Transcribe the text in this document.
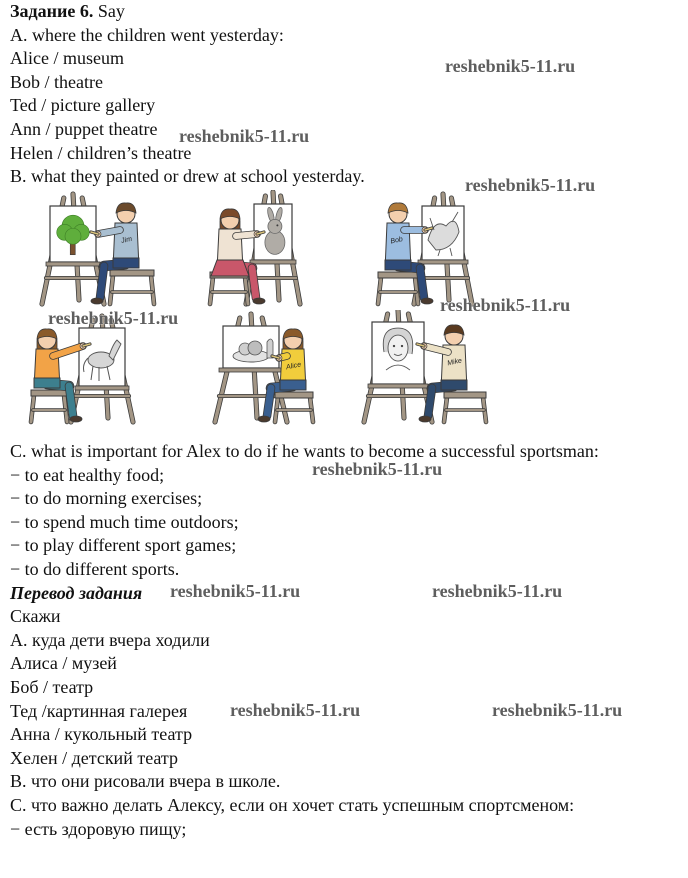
Задание 6. Say
A. where the children went yesterday:
Alice / museum
Bob / theatre
Ted / picture gallery
Ann / puppet theatre
Helen / children’s theatre
B. what they painted or drew at school yesterday.
Jim	Bob
Alice	Mike
C. what is important for Alex to do if he wants to become a successful sportsman:
− to eat healthy food;
− to do morning exercises;
− to spend much time outdoors;
− to play different sport games;
− to do different sports.
Перевод задания
Скажи
А. куда дети вчера ходили
Алиса / музей
Боб / театр
Тед /картинная галерея
Анна / кукольный театр
Хелен / детский театр
В. что они рисовали вчера в школе.
С. что важно делать Алексу, если он хочет стать успешным спортсменом:
− есть здоровую пищу;
reshebnik5-11.ru
reshebnik5-11.ru
reshebnik5-11.ru
reshebnik5-11.ru
reshebnik5-11.ru
reshebnik5-11.ru
reshebnik5-11.ru	reshebnik5-11.ru
reshebnik5-11.ru	reshebnik5-11.ru
